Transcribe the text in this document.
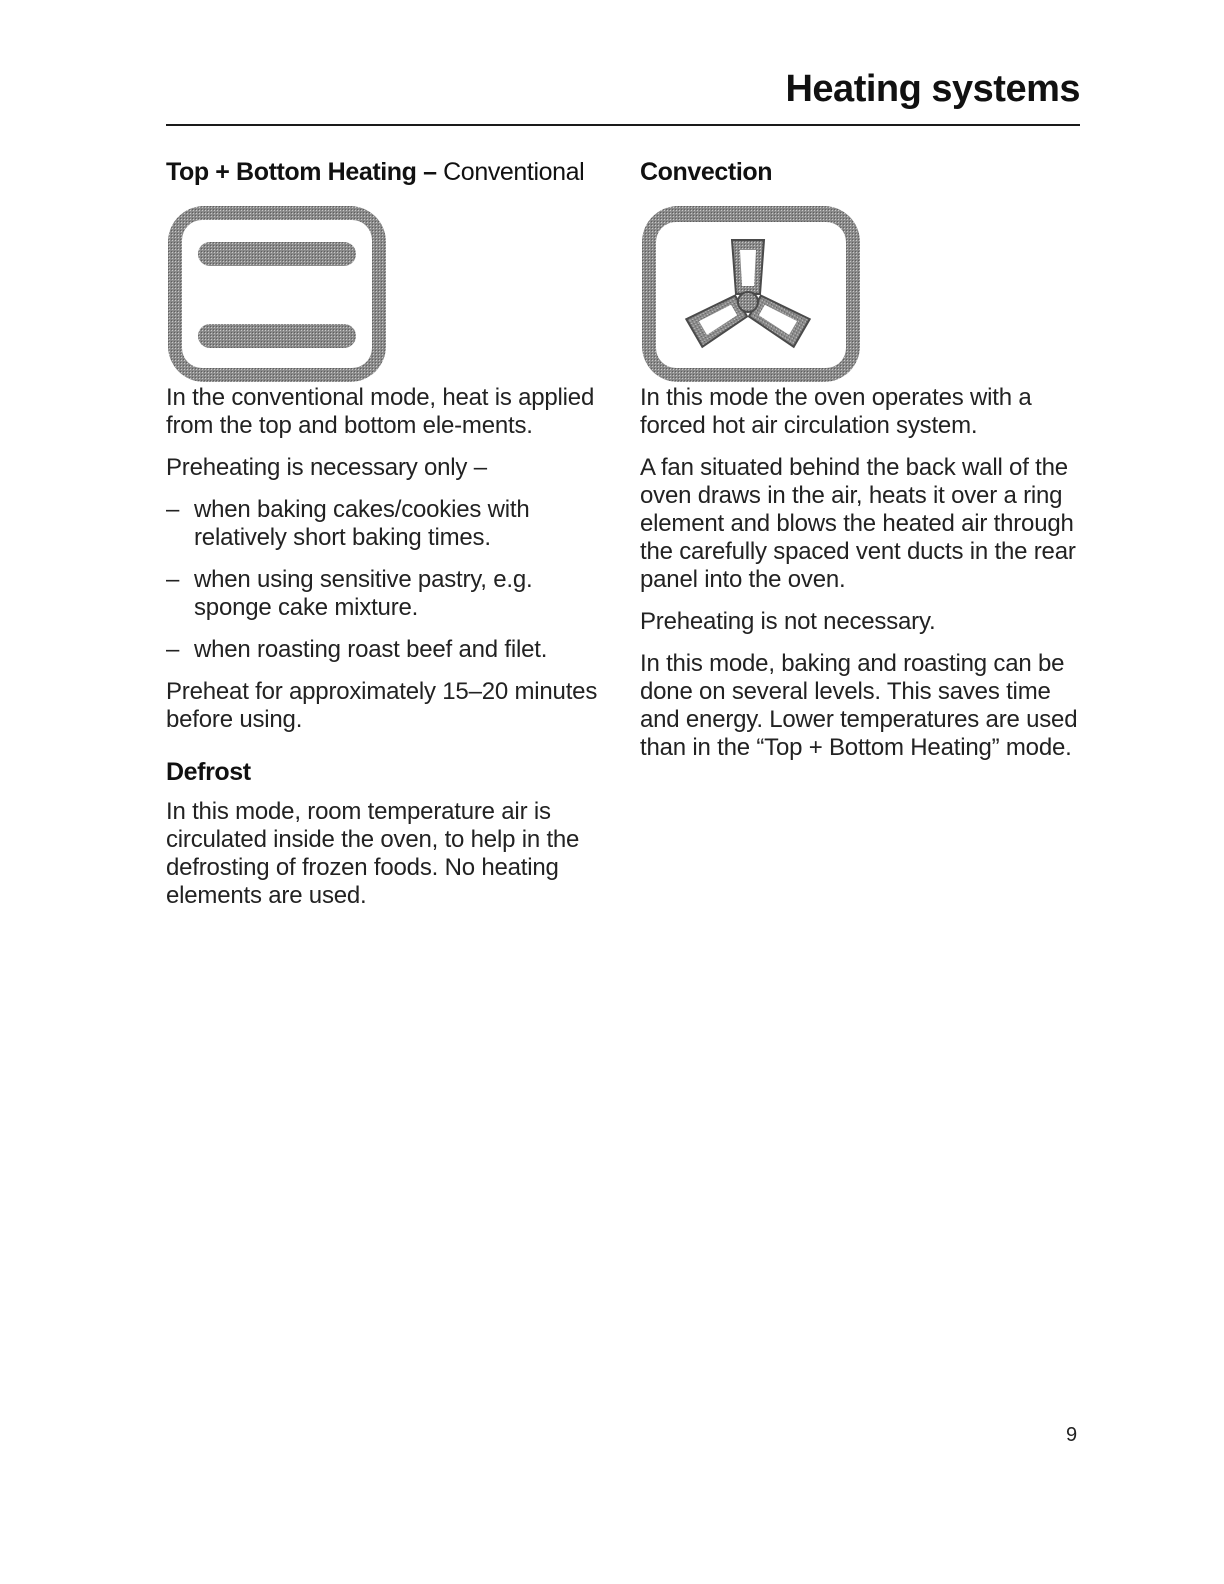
Heating systems
Top + Bottom Heating – Conventional

In the conventional mode, heat is applied from the top and bottom ele-ments.

Preheating is necessary only –

– when baking cakes/cookies with relatively short baking times.
– when using sensitive pastry, e.g. sponge cake mixture.
– when roasting roast beef and filet.

Preheat for approximately 15–20 minutes before using.

Defrost

In this mode, room temperature air is circulated inside the oven, to help in the defrosting of frozen foods. No heating elements are used.

Convection

In this mode the oven operates with a forced hot air circulation system.

A fan situated behind the back wall of the oven draws in the air, heats it over a ring element and blows the heated air through the carefully spaced vent ducts in the rear panel into the oven.

Preheating is not necessary.

In this mode, baking and roasting can be done on several levels. This saves time and energy. Lower temperatures are used than in the “Top + Bottom Heating” mode.

9
